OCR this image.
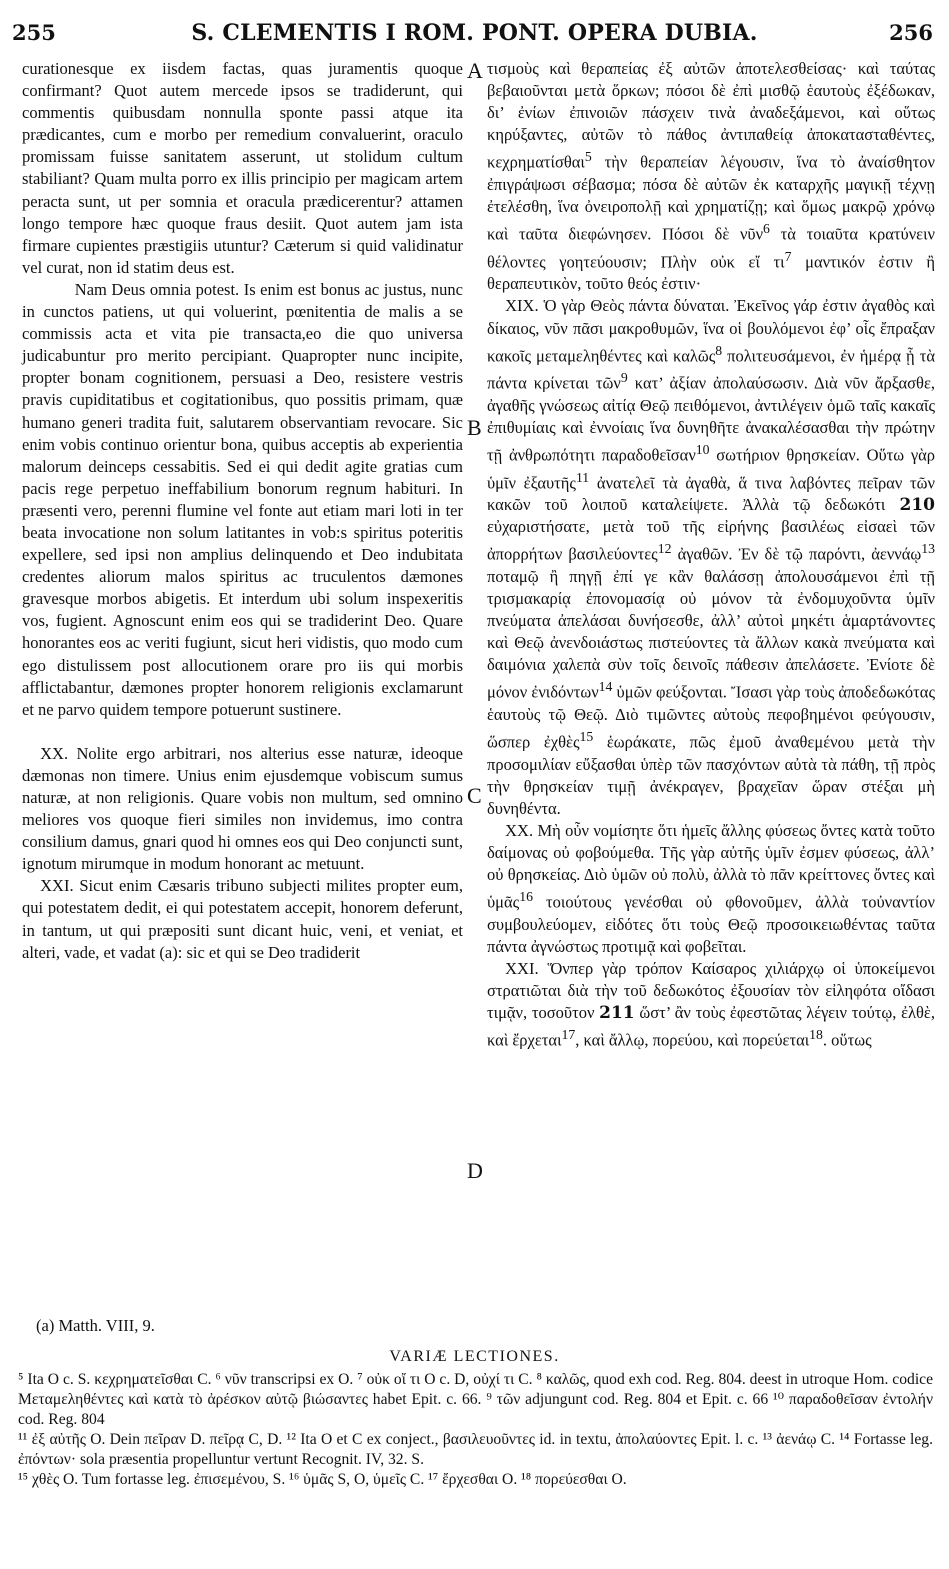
255	S. CLEMENTIS I ROM. PONT. OPERA DUBIA.	256

curationesque ex iisdem factas, quas juramentis quoque confirmant? Quot autem mercede ipsos se tradiderunt, qui commentis quibusdam nonnulla sponte passi atque ita prædicantes, cum e morbo per remedium convaluerint, oraculo promissam fuisse sanitatem asserunt, ut stolidum cultum stabiliant? Quam multa porro ex illis principio per magicam artem peracta sunt, ut per somnia et oracula prædicerentur? attamen longo tempore hæc quoque fraus desiit. Quot autem jam ista firmare cupientes præstigiis utuntur? Cæterum si quid validinatur vel curat, non id statim deus est.

Nam Deus omnia potest. Is enim est bonus ac justus, nunc in cunctos patiens, ut qui voluerint, pœnitentia de malis a se commissis acta et vita pie transacta,eo die quo universa judicabuntur pro merito percipiant. Quapropter nunc incipite, propter bonam cognitionem, persuasi a Deo, resistere vestris pravis cupiditatibus et cogitationibus, quo possitis primam, quæ humano generi tradita fuit, salutarem observantiam revocare. Sic enim vobis continuo orientur bona, quibus acceptis ab experientia malorum deinceps cessabitis. Sed ei qui dedit agite gratias cum pacis rege perpetuo ineffabilium bonorum regnum habituri. In præsenti vero, perenni flumine vel fonte aut etiam mari loti in ter beata invocatione non solum latitantes in vob:s spiritus poteritis expellere, sed ipsi non amplius delinquendo et Deo indubitata credentes aliorum malos spiritus ac truculentos dæmones gravesque morbos abigetis. Et interdum ubi solum inspexeritis vos, fugient. Agnoscunt enim eos qui se tradiderint Deo. Quare honorantes eos ac veriti fugiunt, sicut heri vidistis, quo modo cum ego distulissem post allocutionem orare pro iis qui morbis afflictabantur, dæmones propter honorem religionis exclamarunt et ne parvo quidem tempore potuerunt sustinere.

XX. Nolite ergo arbitrari, nos alterius esse naturæ, ideoque dæmonas non timere. Unius enim ejusdemque vobiscum sumus naturæ, at non religionis. Quare vobis non multum, sed omnino meliores vos quoque fieri similes non invidemus, imo contra consilium damus, gnari quod hi omnes eos qui Deo conjuncti sunt, ignotum mirumque in modum honorant ac metuunt.

XXI. Sicut enim Cæsaris tribuno subjecti milites propter eum, qui potestatem dedit, ei qui potestatem accepit, honorem deferunt, in tantum, ut qui præpositi sunt dicant huic, veni, et veniat, et alteri, vade, et vadat (a): sic et qui se Deo tradiderit

A
B
C
D

τισμοὺς καὶ θεραπείας ἐξ αὐτῶν ἀποτελεσθείσας· καὶ ταύτας βεβαιοῦνται μετὰ ὅρκων; πόσοι δὲ ἐπὶ μισθῷ ἑαυτοὺς ἐξέδωκαν, δι’ ἐνίων ἐπινοιῶν πάσχειν τινὰ ἀναδεξάμενοι, καὶ οὕτως κηρύξαντες, αὐτῶν τὸ πάθος ἀντιπαθείᾳ ἀποκατασταθέντες, κεχρηματίσθαι$^5$ τὴν θεραπείαν λέγουσιν, ἵνα τὸ ἀναίσθητον ἐπιγράψωσι σέβασμα; πόσα δὲ αὐτῶν ἐκ καταρχῆς μαγικῇ τέχνῃ ἐτελέσθη, ἵνα ὀνειροπολῇ καὶ χρηματίζῃ; καὶ ὅμως μακρῷ χρόνῳ καὶ ταῦτα διεφώνησεν. Πόσοι δὲ νῦν$^6$ τὰ τοιαῦτα κρατύνειν θέλοντες γοητεύουσιν; Πλὴν οὐκ εἴ $\tau\iota^7$ μαντικόν ἐστιν ἢ θεραπευτικὸν, τοῦτο θεός ἐστιν·

ΧΙΧ. Ὁ γὰρ Θεὸς πάντα δύναται. Ἐκεῖνος γάρ ἐστιν ἀγαθὸς καὶ δίκαιος, νῦν πᾶσι μακροθυμῶν, ἵνα οἱ βουλόμενοι ἐφ’ οἷς ἔπραξαν κακοῖς μεταμεληθέντες καὶ καλῶς$^8$ πολιτευσάμενοι, ἐν ἡμέρᾳ ᾗ τὰ πάντα κρίνεται τῶν$^9$ κατ’ ἀξίαν ἀπολαύσωσιν. Διὰ νῦν ἄρξασθε, ἀγαθῆς γνώσεως αἰτίᾳ Θεῷ πειθόμενοι, ἀντιλέγειν ὁμῶ ταῖς κακαῖς ἐπιθυμίαις καὶ ἐννοίαις ἵνα δυνηθῆτε ἀνακαλέσασθαι τὴν πρώτην τῇ ἀνθρωπότητι παραδοθεῖσαν$^{10}$ σωτήριον θρησκείαν. Οὕτω γὰρ ὑμῖν ἐξαυτῆς$^{11}$ ἀνατελεῖ τὰ ἀγαθὰ, ἅ τινα λαβόντες πεῖραν τῶν κακῶν τοῦ λοιποῦ καταλείψετε. Ἀλλὰ τῷ δεδωκότι 210 εὐχαριστήσατε, μετὰ τοῦ τῆς εἰρήνης βασιλέως εἰσαεὶ τῶν ἀπορρήτων βασιλεύοντες$^{12}$ ἀγαθῶν. Ἐν δὲ τῷ παρόντι, ἀεννάῳ$^{13}$ ποταμῷ ἢ πηγῇ ἐπί γε κἂν θαλάσσῃ ἀπολουσάμενοι ἐπὶ τῇ τρισμακαρίᾳ ἐπονομασίᾳ οὐ μόνον τὰ ἐνδομυχοῦντα ὑμῖν πνεύματα ἀπελάσαι δυνήσεσθε, ἀλλ’ αὐτοὶ μηκέτι ἁμαρτάνοντες καὶ Θεῷ ἀνενδοιάστως πιστεύοντες τὰ ἄλλων κακὰ πνεύματα καὶ δαιμόνια χαλεπὰ σὺν τοῖς δεινοῖς πάθεσιν ἀπελάσετε. Ἐνίοτε δὲ μόνον ἐνιδόντων$^{14}$ ὑμῶν φεύξονται. Ἴσασι γὰρ τοὺς ἀποδεδωκότας ἑαυτοὺς τῷ Θεῷ. Διὸ τιμῶντες αὐτοὺς πεφοβημένοι φεύγουσιν, ὥσπερ ἐχθὲς$^{15}$ ἑωράκατε, πῶς ἐμοῦ ἀναθεμένου μετὰ τὴν προσομιλίαν εὔξασθαι ὑπὲρ τῶν πασχόντων αὐτὰ τὰ πάθη, τῇ πρὸς τὴν θρησκείαν τιμῇ ἀνέκραγεν, βραχεῖαν ὥραν στέξαι μὴ δυνηθέντα.

ΧΧ. Μὴ οὖν νομίσητε ὅτι ἡμεῖς ἄλλης φύσεως ὄντες κατὰ τοῦτο δαίμονας οὐ φοβούμεθα. Τῆς γὰρ αὐτῆς ὑμῖν ἐσμεν φύσεως, ἀλλ’ οὐ θρησκείας. Διὸ ὑμῶν οὐ πολὺ, ἀλλὰ τὸ πᾶν κρείττονες ὄντες καὶ ὑμᾶς$^{16}$ τοιούτους γενέσθαι οὐ φθονοῦμεν, ἀλλὰ τοὐναντίον συμβουλεύομεν, εἰδότες ὅτι τοὺς Θεῷ προσοικειωθέντας ταῦτα πάντα ἀγνώστως προτιμᾷ καὶ φοβεῖται.

ΧΧΙ. Ὅνπερ γὰρ τρόπον Καίσαρος χιλιάρχῳ οἱ ὑποκείμενοι στρατιῶται διὰ τὴν τοῦ δεδωκότος ἐξουσίαν τὸν εἰληφότα οἴδασι τιμᾷν, τοσοῦτον 211 ὥστ’ ἂν τοὺς ἐφεστῶτας λέγειν τούτῳ, ἐλθὲ, καὶ ἔρχεται$^{17}$, καὶ ἄλλῳ, πορεύου, καὶ πορεύεται$^{18}$. οὕτως

(a) Matth. VIII, 9.
VARIÆ LECTIONES.

⁵ Ita O c. S. κεχρηματεῖσθαι C. ⁶ νῦν transcripsi ex O. ⁷ οὐκ οἴ τι O c. D, οὐχί τι C. ⁸ καλῶς, quod exh cod. Reg. 804. deest in utroque Hom. codice Μεταμεληθέντες καὶ κατὰ τὸ ἀρέσκον αὐτῷ βιώσαντες habet Epit. c. 66. ⁹ τῶν adjungunt cod. Reg. 804 et Epit. c. 66 ¹⁰ παραδοθεῖσαν ἐντολήν cod. Reg. 804

¹¹ ἐξ αὐτῆς O. Dein πεῖραν D. πεῖρᾳ C, D. ¹² Ita O et C ex conject., βασιλευοῦντες id. in textu, ἀπολαύοντες Epit. l. c. ¹³ ἀενάῳ C. ¹⁴ Fortasse leg. ἐπόντων· sola præsentia propelluntur vertunt Recognit. IV, 32. S.

¹⁵ χθὲς O. Tum fortasse leg. ἐπισεμένου, S. ¹⁶ ὑμᾶς S, O, ὑμεῖς C. ¹⁷ ἔρχεσθαι O. ¹⁸ πορεύεσθαι O.
